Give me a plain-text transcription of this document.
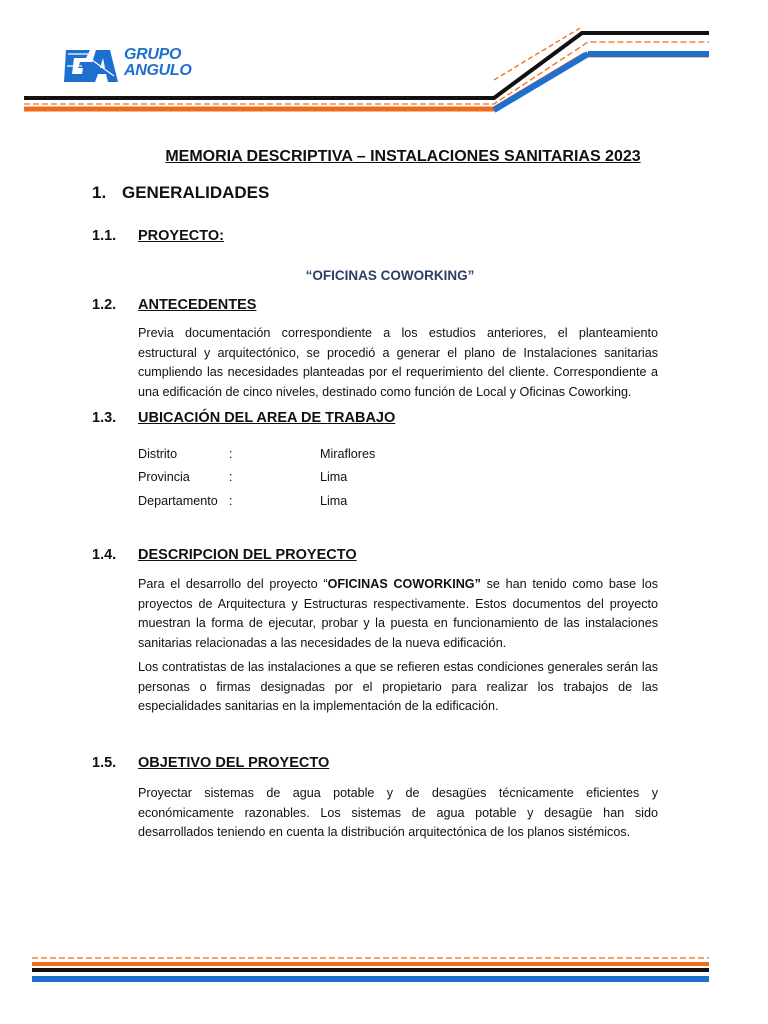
GRUPO
ANGULO
MEMORIA DESCRIPTIVA – INSTALACIONES SANITARIAS 2023
1. GENERALIDADES
1.1. PROYECTO:
“OFICINAS COWORKING”
1.2. ANTECEDENTES

Previa documentación correspondiente a los estudios anteriores, el planteamiento estructural y arquitectónico, se procedió a generar el plano de Instalaciones sanitarias cumpliendo las necesidades planteadas por el requerimiento del cliente. Correspondiente a una edificación de cinco niveles, destinado como función de Local y Oficinas Coworking.

1.3. UBICACIÓN DEL AREA DE TRABAJO
Distrito	:	Miraflores
Provincia	:	Lima
Departamento :	Lima
1.4. DESCRIPCION DEL PROYECTO

Para el desarrollo del proyecto “OFICINAS COWORKING” se han tenido como base los proyectos de Arquitectura y Estructuras respectivamente. Estos documentos del proyecto muestran la forma de ejecutar, probar y la puesta en funcionamiento de las instalaciones sanitarias relacionadas a las necesidades de la nueva edificación.

Los contratistas de las instalaciones a que se refieren estas condiciones generales serán las personas o firmas designadas por el propietario para realizar los trabajos de las especialidades sanitarias en la implementación de la edificación.

1.5. OBJETIVO DEL PROYECTO

Proyectar sistemas de agua potable y de desagües técnicamente eficientes y económicamente razonables. Los sistemas de agua potable y desagüe han sido desarrollados teniendo en cuenta la distribución arquitectónica de los planos sistémicos.
